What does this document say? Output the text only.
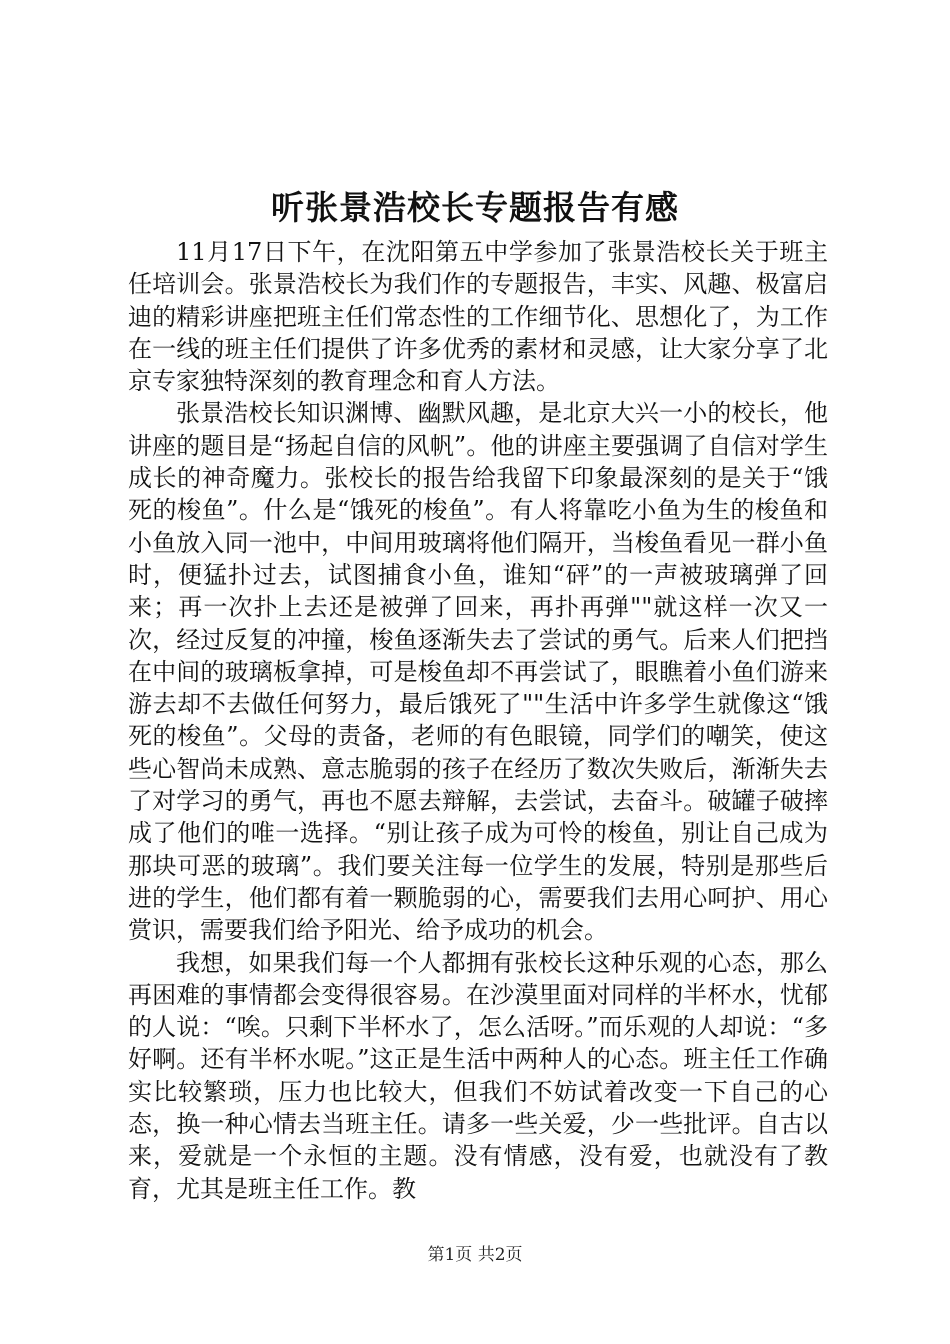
听张景浩校长专题报告有感

11月17日下午，在沈阳第五中学参加了张景浩校长关于班主任培训会。张景浩校长为我们作的专题报告，丰实、风趣、极富启迪的精彩讲座把班主任们常态性的工作细节化、思想化了，为工作在一线的班主任们提供了许多优秀的素材和灵感，让大家分享了北京专家独特深刻的教育理念和育人方法。

张景浩校长知识渊博、幽默风趣，是北京大兴一小的校长，他讲座的题目是“扬起自信的风帆”。他的讲座主要强调了自信对学生成长的神奇魔力。张校长的报告给我留下印象最深刻的是关于“饿死的梭鱼”。什么是“饿死的梭鱼”。有人将靠吃小鱼为生的梭鱼和小鱼放入同一池中，中间用玻璃将他们隔开，当梭鱼看见一群小鱼时，便猛扑过去，试图捕食小鱼，谁知“砰”的一声被玻璃弹了回来；再一次扑上去还是被弹了回来，再扑再弹""就这样一次又一次，经过反复的冲撞，梭鱼逐渐失去了尝试的勇气。后来人们把挡在中间的玻璃板拿掉，可是梭鱼却不再尝试了，眼瞧着小鱼们游来游去却不去做任何努力，最后饿死了""生活中许多学生就像这“饿死的梭鱼”。父母的责备，老师的有色眼镜，同学们的嘲笑，使这些心智尚未成熟、意志脆弱的孩子在经历了数次失败后，渐渐失去了对学习的勇气，再也不愿去辩解，去尝试，去奋斗。破罐子破摔成了他们的唯一选择。“别让孩子成为可怜的梭鱼，别让自己成为那块可恶的玻璃”。我们要关注每一位学生的发展，特别是那些后进的学生，他们都有着一颗脆弱的心，需要我们去用心呵护、用心赏识，需要我们给予阳光、给予成功的机会。

我想，如果我们每一个人都拥有张校长这种乐观的心态，那么再困难的事情都会变得很容易。在沙漠里面对同样的半杯水，忧郁的人说：“唉。只剩下半杯水了，怎么活呀。”而乐观的人却说：“多好啊。还有半杯水呢。”这正是生活中两种人的心态。班主任工作确实比较繁琐，压力也比较大，但我们不妨试着改变一下自己的心态，换一种心情去当班主任。请多一些关爱，少一些批评。自古以来，爱就是一个永恒的主题。没有情感，没有爱，也就没有了教育，尤其是班主任工作。教

第1页 共2页
